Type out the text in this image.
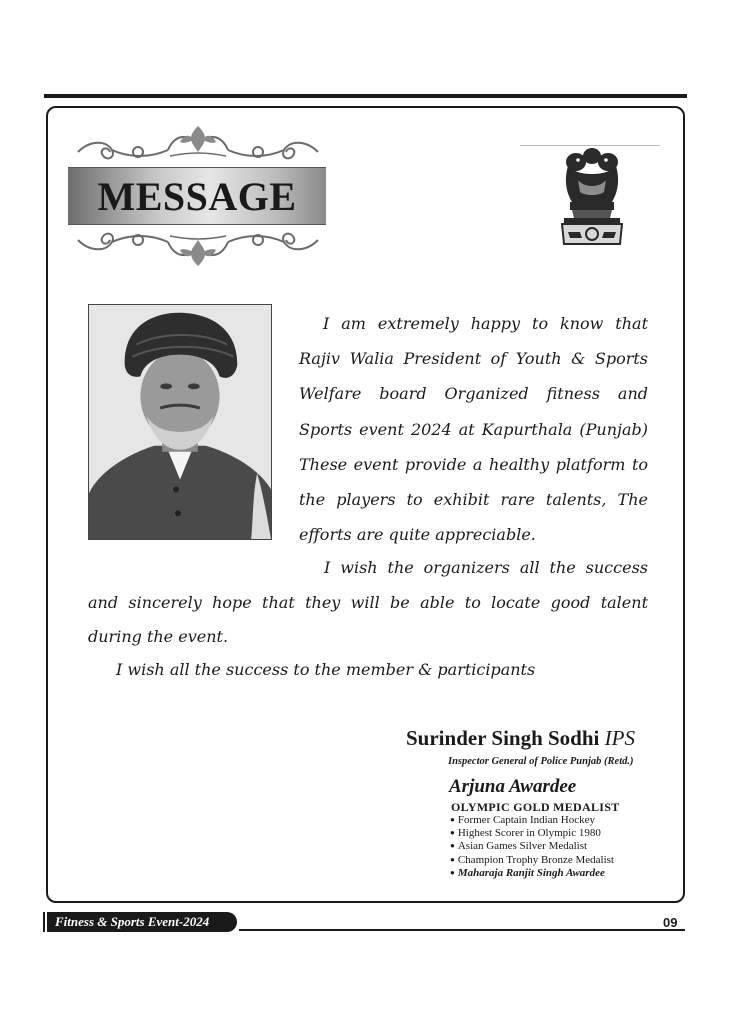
MESSAGE

I am extremely happy to know that Rajiv Walia President of Youth & Sports Welfare board Organized fitness and Sports event 2024 at Kapurthala (Punjab) These event provide a healthy platform to the players to exhibit rare talents, The efforts are quite appreciable.

I wish the organizers all the success and sincerely hope that they will be able to locate good talent during the event.

I wish all the success to the member & participants

Surinder Singh Sodhi IPS
Inspector General of Police Punjab (Retd.)
Arjuna Awardee
OLYMPIC GOLD MEDALIST
● Former Captain Indian Hockey
● Highest Scorer in Olympic 1980
● Asian Games Silver Medalist
● Champion Trophy Bronze Medalist
● Maharaja Ranjit Singh Awardee
Fitness & Sports Event-2024	09
